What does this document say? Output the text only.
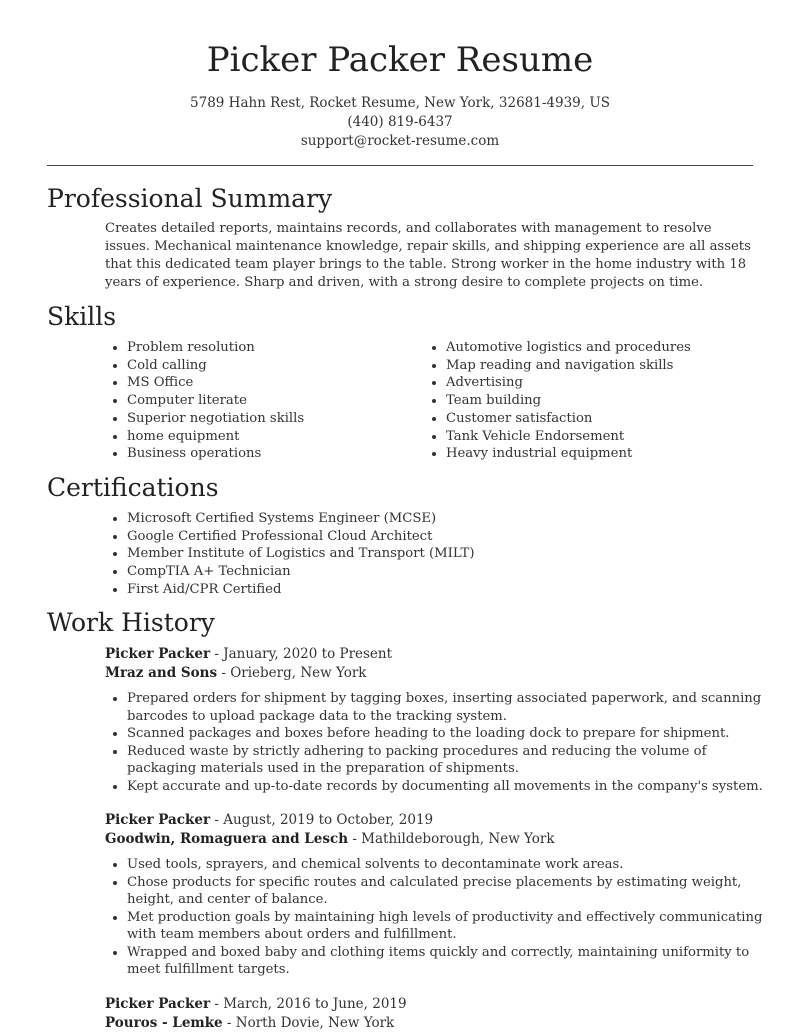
Picker Packer Resume
5789 Hahn Rest, Rocket Resume, New York, 32681-4939, US
(440) 819-6437
support@rocket-resume.com
Professional Summary

Creates detailed reports, maintains records, and collaborates with management to resolve issues. Mechanical maintenance knowledge, repair skills, and shipping experience are all assets that this dedicated team player brings to the table. Strong worker in the home industry with 18 years of experience. Sharp and driven, with a strong desire to complete projects on time.

Skills
• Problem resolution
• Cold calling
• MS Office
• Computer literate
• Superior negotiation skills
• home equipment
• Business operations
• Automotive logistics and procedures
• Map reading and navigation skills
• Advertising
• Team building
• Customer satisfaction
• Tank Vehicle Endorsement
• Heavy industrial equipment
Certifications
• Microsoft Certified Systems Engineer (MCSE)
• Google Certified Professional Cloud Architect
• Member Institute of Logistics and Transport (MILT)
• CompTIA A+ Technician
• First Aid/CPR Certified
Work History
Picker Packer - January, 2020 to Present
Mraz and Sons - Orieberg, New York
• Prepared orders for shipment by tagging boxes, inserting associated paperwork, and scanning barcodes to upload package data to the tracking system.
• Scanned packages and boxes before heading to the loading dock to prepare for shipment.
• Reduced waste by strictly adhering to packing procedures and reducing the volume of packaging materials used in the preparation of shipments.
• Kept accurate and up-to-date records by documenting all movements in the company's system.
Picker Packer - August, 2019 to October, 2019
Goodwin, Romaguera and Lesch - Mathildeborough, New York
• Used tools, sprayers, and chemical solvents to decontaminate work areas.
• Chose products for specific routes and calculated precise placements by estimating weight, height, and center of balance.
• Met production goals by maintaining high levels of productivity and effectively communicating with team members about orders and fulfillment.
• Wrapped and boxed baby and clothing items quickly and correctly, maintaining uniformity to meet fulfillment targets.
Picker Packer - March, 2016 to June, 2019
Pouros - Lemke - North Dovie, New York
